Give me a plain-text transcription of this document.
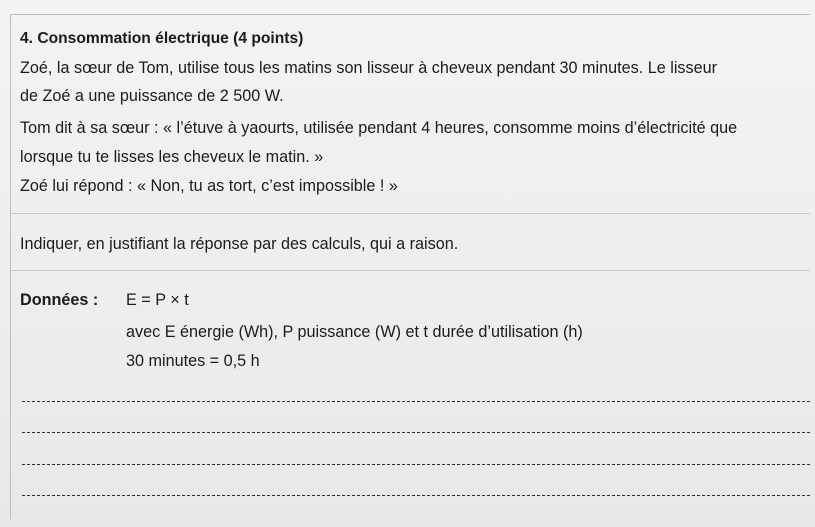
4. Consommation électrique (4 points)
Zoé, la sœur de Tom, utilise tous les matins son lisseur à cheveux pendant 30 minutes. Le lisseur
de Zoé a une puissance de 2 500 W.
Tom dit à sa sœur : « l’étuve à yaourts, utilisée pendant 4 heures, consomme moins d’électricité que
lorsque tu te lisses les cheveux le matin. »
Zoé lui répond : « Non, tu as tort, c’est impossible ! »
Indiquer, en justifiant la réponse par des calculs, qui a raison.
Données : E = P × t
avec E énergie (Wh), P puissance (W) et t durée d’utilisation (h)
30 minutes = 0,5 h
